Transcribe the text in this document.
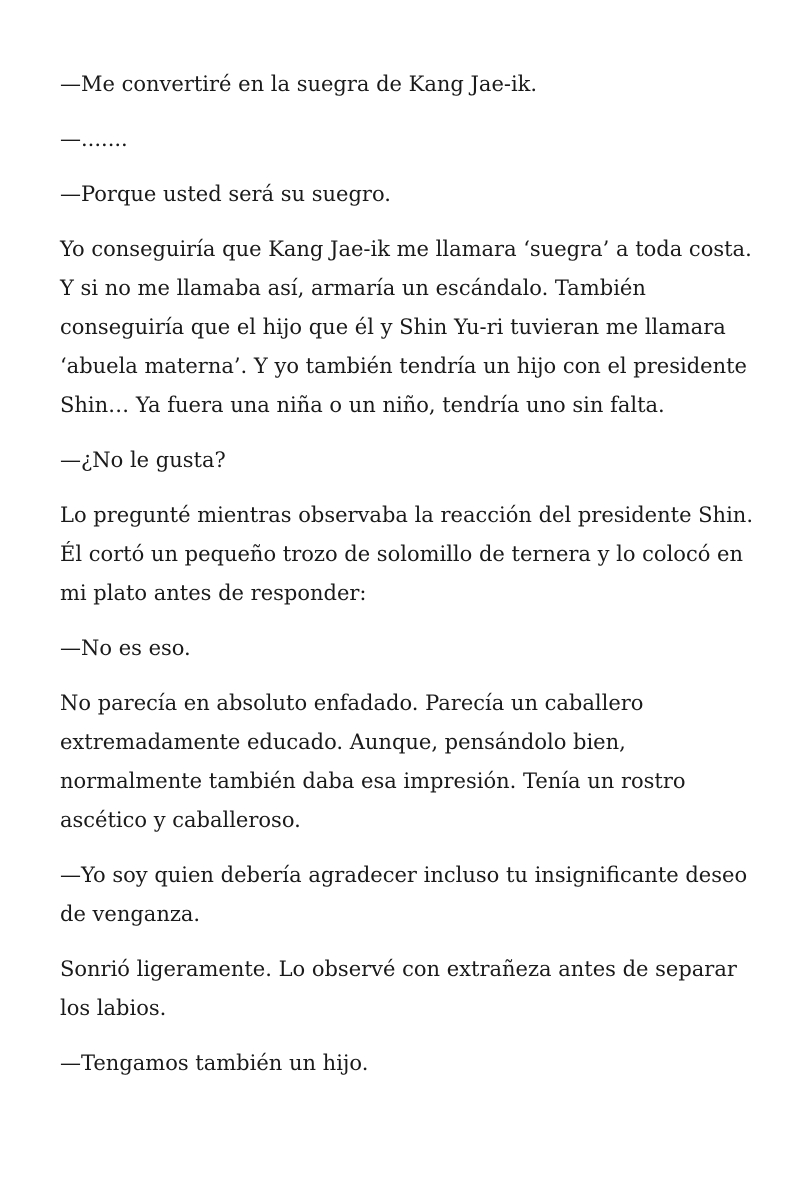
—Me convertiré en la suegra de Kang Jae-ik.

—.......

—Porque usted será su suegro.

Yo conseguiría que Kang Jae-ik me llamara ‘suegra’ a toda costa. Y si no me llamaba así, armaría un escándalo. También conseguiría que el hijo que él y Shin Yu-ri tuvieran me llamara ‘abuela materna’. Y yo también tendría un hijo con el presidente Shin… Ya fuera una niña o un niño, tendría uno sin falta.

—¿No le gusta?

Lo pregunté mientras observaba la reacción del presidente Shin. Él cortó un pequeño trozo de solomillo de ternera y lo colocó en mi plato antes de responder:

—No es eso.

No parecía en absoluto enfadado. Parecía un caballero extremadamente educado. Aunque, pensándolo bien, normalmente también daba esa impresión. Tenía un rostro ascético y caballeroso.

—Yo soy quien debería agradecer incluso tu insignificante deseo de venganza.

Sonrió ligeramente. Lo observé con extrañeza antes de separar los labios.

—Tengamos también un hijo.
